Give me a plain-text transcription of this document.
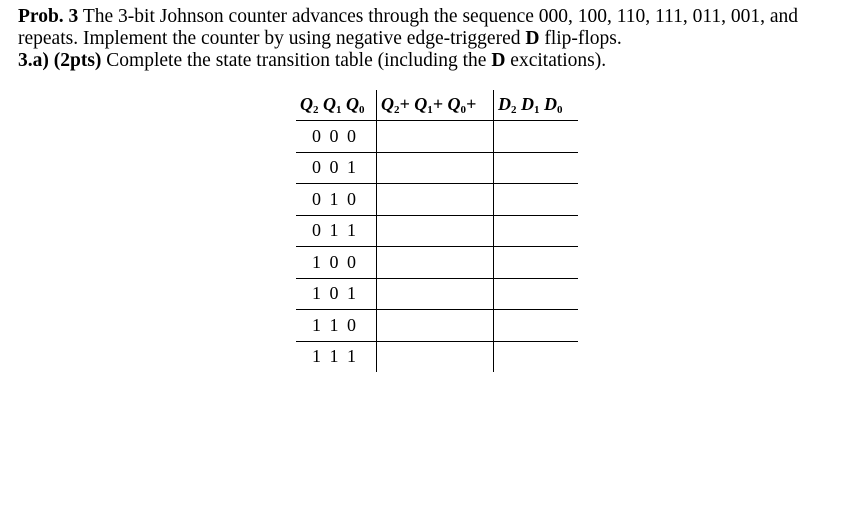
Prob. 3 The 3-bit Johnson counter advances through the sequence 000, 100, 110, 111, 011, 001, and repeats. Implement the counter by using negative edge-triggered D flip-flops.

3.a) (2pts) Complete the state transition table (including the D excitations).

$Q_2$ $Q_1$ $Q_0$	$Q_2+ Q_1+ Q_0+$	$D_2$ $D_1$ $D_0$
0 0 0		
0 0 1		
0 1 0		
0 1 1		
1 0 0		
1 0 1		
1 1 0		
1 1 1		
